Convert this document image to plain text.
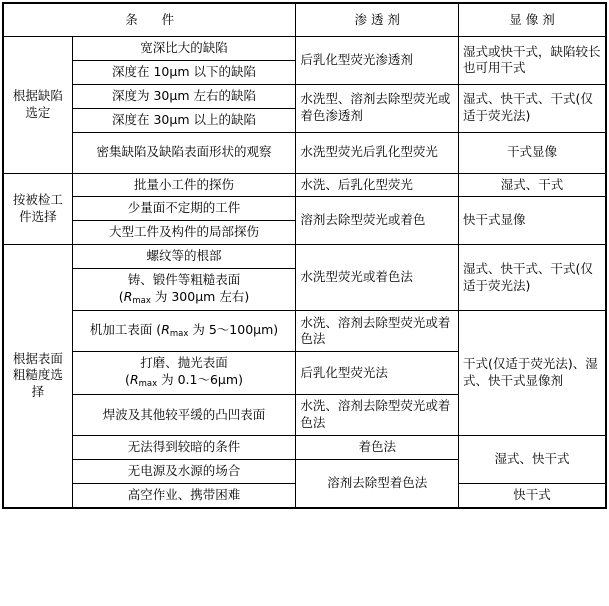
条 件		渗 透 剂	显 像 剂

根据缺陷
选定	宽深比大的缺陷	后乳化型荧光渗透剂	湿式或快干式，缺陷较长也可用干式
	深度在 10μm 以下的缺陷		
	深度为 30μm 左右的缺陷	水洗型、溶剂去除型荧光或着色渗透剂	湿式、快干式、干式(仅适于荧光法)
	深度在 30μm 以上的缺陷		
	密集缺陷及缺陷表面形状的观察	水洗型荧光后乳化型荧光	干式显像

按被检工
件选择	批量小工件的探伤	水洗、后乳化型荧光	湿式、干式
	少量面不定期的工件	溶剂去除型荧光或着色	快干式显像
	大型工件及构件的局部探伤		

根据表面
粗糙度选
择	螺纹等的根部	水洗型荧光或着色法	湿式、快干式、干式(仅适于荧光法)

	铸、锻件等粗糙表面
($R_{max}$ 为 300μm 左右)		

	机加工表面 ($R_{max}$ 为 5～100μm)	水洗、溶剂去除型荧光或着色法	干式(仅适于荧光法)、湿式、快干式显像剂

	打磨、抛光表面
($R_{max}$ 为 0.1～6μm)	后乳化型荧光法	
	焊波及其他较平缓的凸凹表面	水洗、溶剂去除型荧光或着色法	
	无法得到较暗的条件	着色法	湿式、快干式
	无电源及水源的场合	溶剂去除型着色法	
	高空作业、携带困难		快干式
